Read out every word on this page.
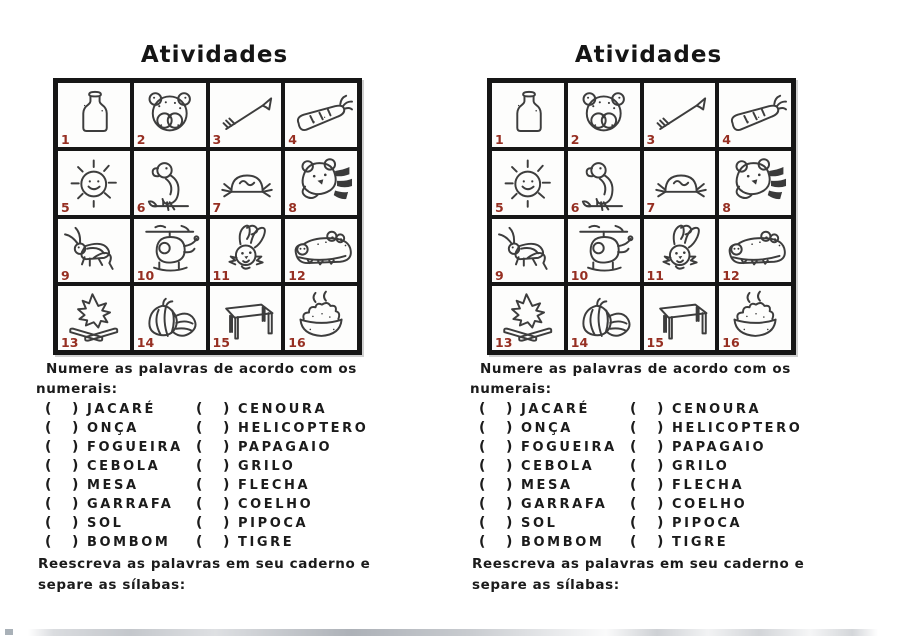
Atividades
1	2	3	4
5	6	7	8
9	10	11	12
13	14	15	16
Numere as palavras de acordo com os
numerais:
(	) JACARÉ	(	) CENOURA
(	) ONÇA	(	) HELICOPTERO
(	) FOGUEIRA (	) PAPAGAIO
(	) CEBOLA	(	) GRILO
(	) MESA	(	) FLECHA
(	) GARRAFA (	) COELHO
(	) SOL	(	) PIPOCA
(	) BOMBOM (	) TIGRE
Reescreva as palavras em seu caderno e
separe as sílabas:
Atividades
1	2	3	4
5	6	7	8
9	10	11	12
13	14	15	16
Numere as palavras de acordo com os
numerais:
(	) JACARÉ	(	) CENOURA
(	) ONÇA	(	) HELICOPTERO
(	) FOGUEIRA (	) PAPAGAIO
(	) CEBOLA	(	) GRILO
(	) MESA	(	) FLECHA
(	) GARRAFA (	) COELHO
(	) SOL	(	) PIPOCA
(	) BOMBOM (	) TIGRE
Reescreva as palavras em seu caderno e
separe as sílabas:
